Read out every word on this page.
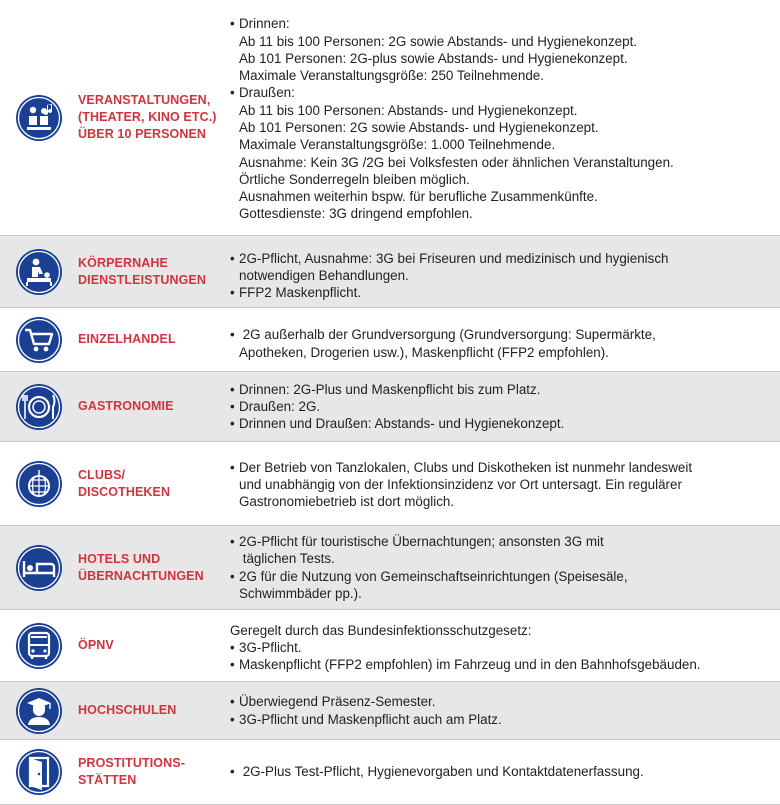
VERANSTALTUNGEN,
(THEATER, KINO ETC.)
ÜBER 10 PERSONEN
• Drinnen:
Ab 11 bis 100 Personen: 2G sowie Abstands- und Hygienekonzept.
Ab 101 Personen: 2G-plus sowie Abstands- und Hygienekonzept.
Maximale Veranstaltungsgröße: 250 Teilnehmende.
• Draußen:
Ab 11 bis 100 Personen: Abstands- und Hygienekonzept.
Ab 101 Personen: 2G sowie Abstands- und Hygienekonzept.
Maximale Veranstaltungsgröße: 1.000 Teilnehmende.
Ausnahme: Kein 3G /2G bei Volksfesten oder ähnlichen Veranstaltungen.
Örtliche Sonderregeln bleiben möglich.
Ausnahmen weiterhin bspw. für berufliche Zusammenkünfte.
Gottesdienste: 3G dringend empfohlen.
KÖRPERNAHE
DIENSTLEISTUNGEN
• 2G-Pflicht, Ausnahme: 3G bei Friseuren und medizinisch und hygienisch
notwendigen Behandlungen.
• FFP2 Maskenpflicht.
EINZELHANDEL	• 2G außerhalb der Grundversorgung (Grundversorgung: Supermärkte,
Apotheken, Drogerien usw.), Maskenpflicht (FFP2 empfohlen).
GASTRONOMIE
• Drinnen: 2G-Plus und Maskenpflicht bis zum Platz.
• Draußen: 2G.
• Drinnen und Draußen: Abstands- und Hygienekonzept.
CLUBS/
DISCOTHEKEN
• Der Betrieb von Tanzlokalen, Clubs und Diskotheken ist nunmehr landesweit
und unabhängig von der Infektionsinzidenz vor Ort untersagt. Ein regulärer
Gastronomiebetrieb ist dort möglich.
HOTELS UND
ÜBERNACHTUNGEN
• 2G-Pflicht für touristische Übernachtungen; ansonsten 3G mit
täglichen Tests.
• 2G für die Nutzung von Gemeinschaftseinrichtungen (Speisesäle,
Schwimmbäder pp.).
ÖPNV
Geregelt durch das Bundesinfektionsschutzgesetz:
• 3G-Pflicht.
• Maskenpflicht (FFP2 empfohlen) im Fahrzeug und in den Bahnhofsgebäuden.
HOCHSCHULEN
• Überwiegend Präsenz-Semester.
• 3G-Pflicht und Maskenpflicht auch am Platz.
PROSTITUTIONS-
STÄTTEN
• 2G-Plus Test-Pflicht, Hygienevorgaben und Kontaktdatenerfassung.
